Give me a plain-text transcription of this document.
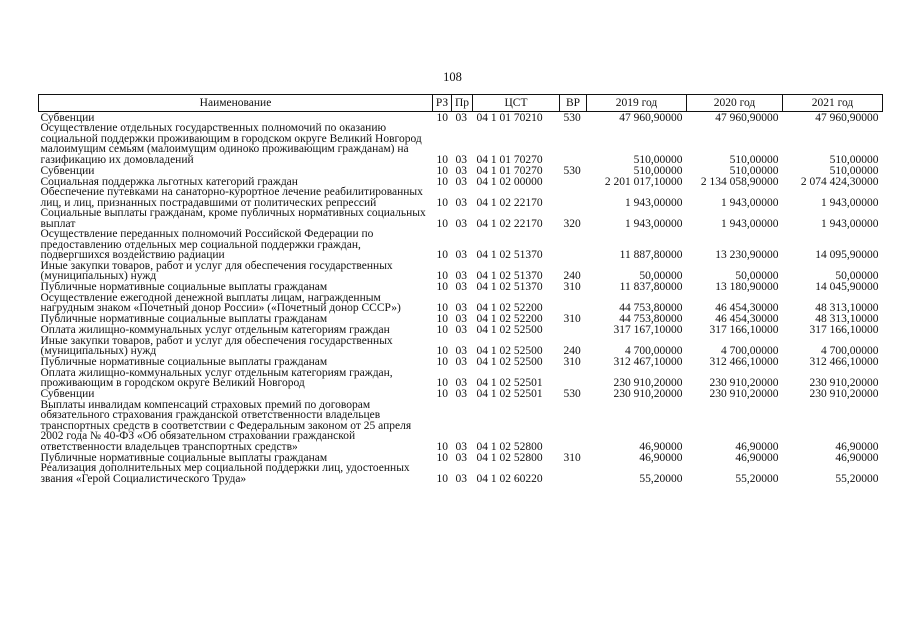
108
Наименование	РЗ	Пр	ЦСТ	ВР	2019 год	2020 год	2021 год
Субвенции	10	03	04 1 01 70210	530	47 960,90000	47 960,90000	47 960,90000
Осуществление отдельных государственных полномочий по оказанию социальной поддержки проживающим в городском округе Великий Новгород малоимущим семьям (малоимущим одиноко проживающим гражданам) на газификацию их домовладений	10	03	04 1 01 70270		510,00000	510,00000	510,00000
Субвенции	10	03	04 1 01 70270	530	510,00000	510,00000	510,00000
Социальная поддержка льготных категорий граждан	10	03	04 1 02 00000		2 201 017,10000	2 134 058,90000	2 074 424,30000
Обеспечение путевками на санаторно-курортное лечение реабилитированных лиц, и лиц, признанных пострадавшими от политических репрессий	10	03	04 1 02 22170		1 943,00000	1 943,00000	1 943,00000
Социальные выплаты гражданам, кроме публичных нормативных социальных выплат	10	03	04 1 02 22170	320	1 943,00000	1 943,00000	1 943,00000
Осуществление переданных полномочий Российской Федерации по предоставлению отдельных мер социальной поддержки граждан, подвергшихся воздействию радиации	10	03	04 1 02 51370		11 887,80000	13 230,90000	14 095,90000
Иные закупки товаров, работ и услуг для обеспечения государственных (муниципальных) нужд	10	03	04 1 02 51370	240	50,00000	50,00000	50,00000
Публичные нормативные социальные выплаты гражданам	10	03	04 1 02 51370	310	11 837,80000	13 180,90000	14 045,90000
Осуществление ежегодной денежной выплаты лицам, награжденным нагрудным знаком «Почетный донор России» («Почетный донор СССР»)	10	03	04 1 02 52200		44 753,80000	46 454,30000	48 313,10000
Публичные нормативные социальные выплаты гражданам	10	03	04 1 02 52200	310	44 753,80000	46 454,30000	48 313,10000
Оплата жилищно-коммунальных услуг отдельным категориям граждан	10	03	04 1 02 52500		317 167,10000	317 166,10000	317 166,10000
Иные закупки товаров, работ и услуг для обеспечения государственных (муниципальных) нужд	10	03	04 1 02 52500	240	4 700,00000	4 700,00000	4 700,00000
Публичные нормативные социальные выплаты гражданам	10	03	04 1 02 52500	310	312 467,10000	312 466,10000	312 466,10000
Оплата жилищно-коммунальных услуг отдельным категориям граждан, проживающим в городском округе Великий Новгород	10	03	04 1 02 52501		230 910,20000	230 910,20000	230 910,20000
Субвенции	10	03	04 1 02 52501	530	230 910,20000	230 910,20000	230 910,20000
Выплаты инвалидам компенсаций страховых премий по договорам обязательного страхования гражданской ответственности владельцев транспортных средств в соответствии с Федеральным законом от 25 апреля 2002 года № 40-ФЗ «Об обязательном страховании гражданской ответственности владельцев транспортных средств»	10	03	04 1 02 52800		46,90000	46,90000	46,90000
Публичные нормативные социальные выплаты гражданам	10	03	04 1 02 52800	310	46,90000	46,90000	46,90000
Реализация дополнительных мер социальной поддержки лиц, удостоенных звания «Герой Социалистического Труда»	10	03	04 1 02 60220		55,20000	55,20000	55,20000
